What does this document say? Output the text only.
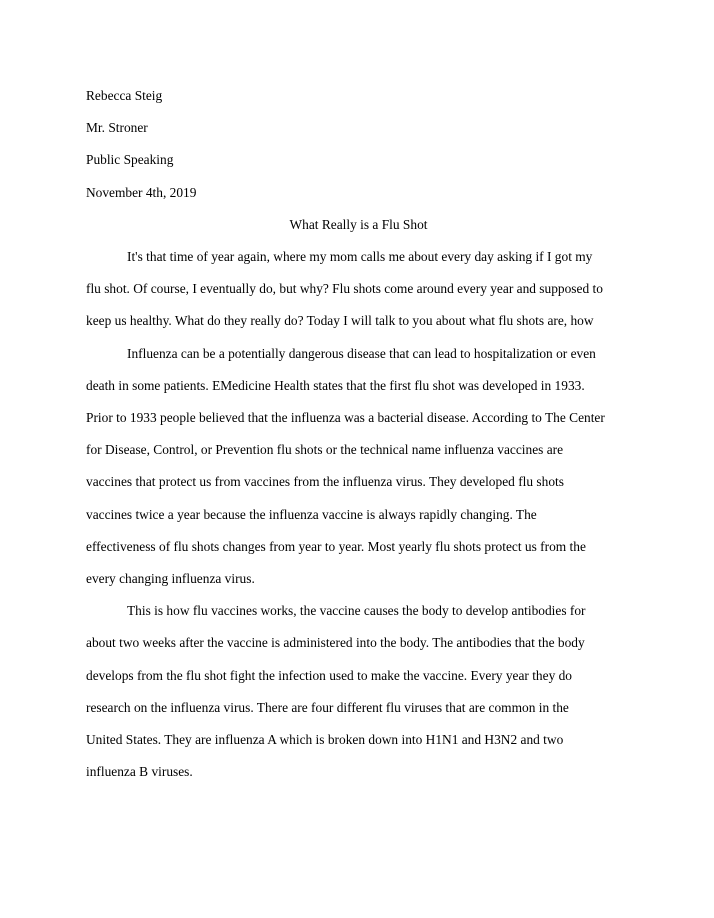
Rebecca Steig

Mr. Stroner

Public Speaking

November 4th, 2019

What Really is a Flu Shot

It's that time of year again, where my mom calls me about every day asking if I got my
flu shot. Of course, I eventually do, but why? Flu shots come around every year and supposed to
keep us healthy. What do they really do? Today I will talk to you about what flu shots are, how

Influenza can be a potentially dangerous disease that can lead to hospitalization or even
death in some patients. EMedicine Health states that the first flu shot was developed in 1933.
Prior to 1933 people believed that the influenza was a bacterial disease. According to The Center
for Disease, Control, or Prevention flu shots or the technical name influenza vaccines are
vaccines that protect us from vaccines from the influenza virus. They developed flu shots
vaccines twice a year because the influenza vaccine is always rapidly changing. The
effectiveness of flu shots changes from year to year. Most yearly flu shots protect us from the
every changing influenza virus.

This is how flu vaccines works, the vaccine causes the body to develop antibodies for
about two weeks after the vaccine is administered into the body. The antibodies that the body
develops from the flu shot fight the infection used to make the vaccine. Every year they do
research on the influenza virus. There are four different flu viruses that are common in the
United States. They are influenza A which is broken down into H1N1 and H3N2 and two
influenza B viruses.
